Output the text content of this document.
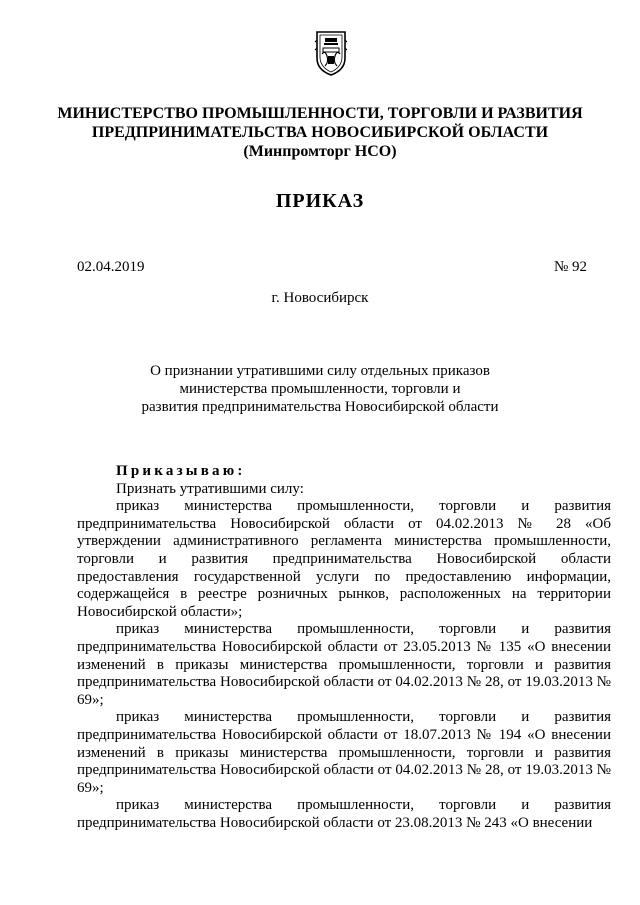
МИНИСТЕРСТВО ПРОМЫШЛЕННОСТИ, ТОРГОВЛИ И РАЗВИТИЯ
ПРЕДПРИНИМАТЕЛЬСТВА НОВОСИБИРСКОЙ ОБЛАСТИ
(Минпромторг НСО)
ПРИКАЗ
02.04.2019	№ 92
г. Новосибирск
О признании утратившими силу отдельных приказов
министерства промышленности, торговли и
развития предпринимательства Новосибирской области

Приказываю:

Признать утратившими силу:

приказ министерства промышленности, торговли и развития предпринимательства Новосибирской области от 04.02.2013 № 28 «Об утверждении административного регламента министерства промышленности, торговли и развития предпринимательства Новосибирской области предоставления государственной услуги по предоставлению информации, содержащейся в реестре розничных рынков, расположенных на территории Новосибирской области»;

приказ министерства промышленности, торговли и развития предпринимательства Новосибирской области от 23.05.2013 № 135 «О внесении изменений в приказы министерства промышленности, торговли и развития предпринимательства Новосибирской области от 04.02.2013 № 28, от 19.03.2013 № 69»;

приказ министерства промышленности, торговли и развития предпринимательства Новосибирской области от 18.07.2013 № 194 «О внесении изменений в приказы министерства промышленности, торговли и развития предпринимательства Новосибирской области от 04.02.2013 № 28, от 19.03.2013 № 69»;

приказ министерства промышленности, торговли и развития предпринимательства Новосибирской области от 23.08.2013 № 243 «О внесении
